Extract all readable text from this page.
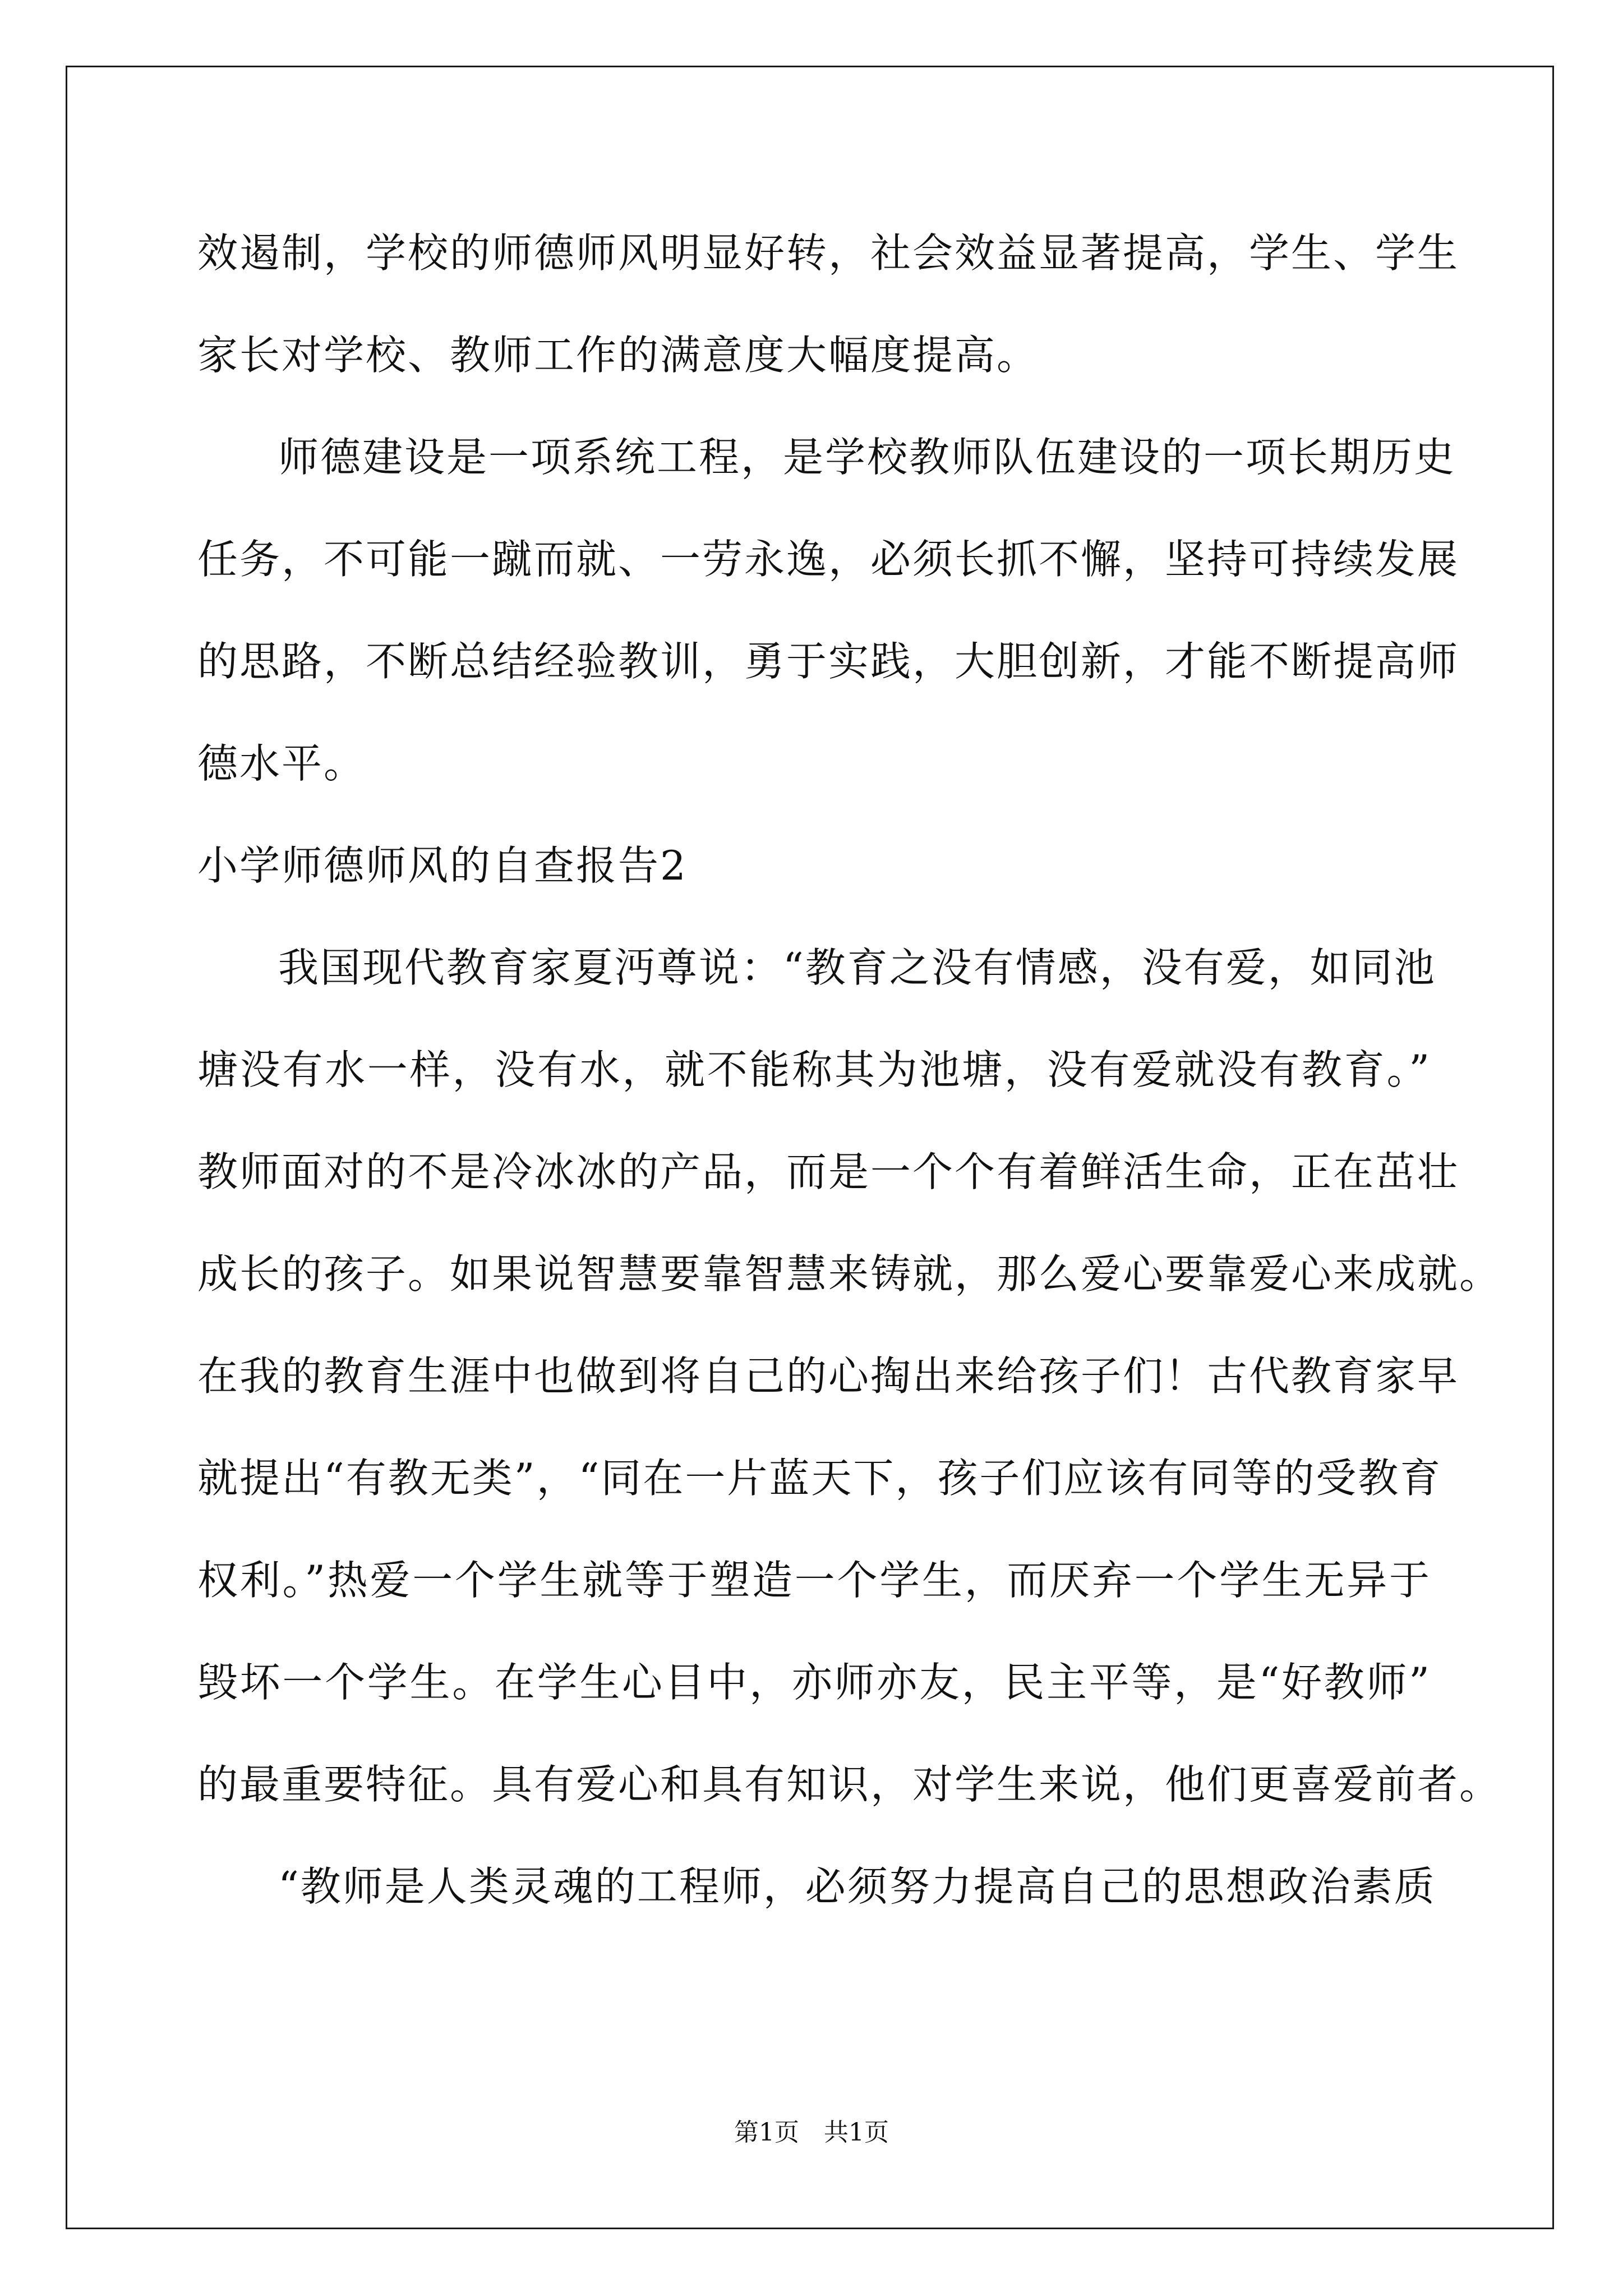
效遏制，学校的师德师风明显好转，社会效益显著提高，学生、学生
家长对学校、教师工作的满意度大幅度提高。
师德建设是一项系统工程，是学校教师队伍建设的一项长期历史
任务，不可能一蹴而就、一劳永逸，必须长抓不懈，坚持可持续发展
的思路，不断总结经验教训，勇于实践，大胆创新，才能不断提高师
德水平。
小学师德师风的自查报告2
我国现代教育家夏沔尊说：“教育之没有情感，没有爱，如同池
塘没有水一样，没有水，就不能称其为池塘，没有爱就没有教育。”
教师面对的不是冷冰冰的产品，而是一个个有着鲜活生命，正在茁壮
成长的孩子。如果说智慧要靠智慧来铸就，那么爱心要靠爱心来成就。
在我的教育生涯中也做到将自己的心掏出来给孩子们！古代教育家早
就提出“有教无类”，“同在一片蓝天下，孩子们应该有同等的受教育
权利。”热爱一个学生就等于塑造一个学生，而厌弃一个学生无异于
毁坏一个学生。在学生心目中，亦师亦友，民主平等，是“好教师”
的最重要特征。具有爱心和具有知识，对学生来说，他们更喜爱前者。
“教师是人类灵魂的工程师，必须努力提高自己的思想政治素质
第1页　共1页
